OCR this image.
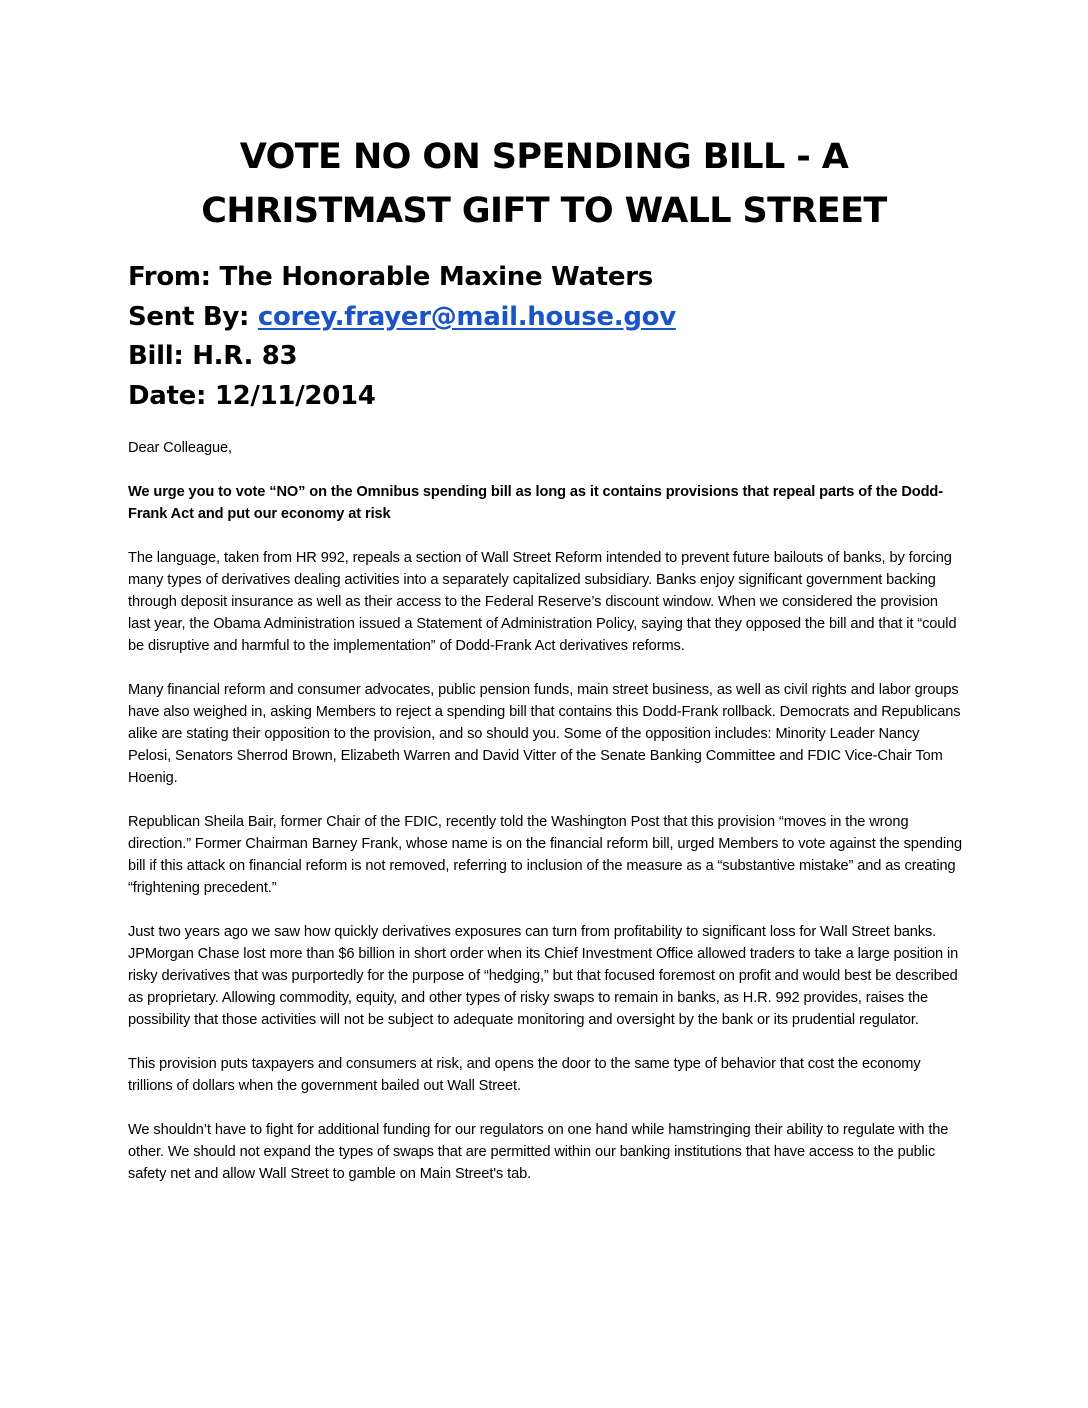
VOTE NO ON SPENDING BILL - A CHRISTMAST GIFT TO WALL STREET
From: The Honorable Maxine Waters
Sent By: corey.frayer@mail.house.gov
Bill: H.R. 83
Date: 12/11/2014

Dear Colleague,

We urge you to vote “NO” on the Omnibus spending bill as long as it contains provisions that repeal parts of the Dodd-Frank Act and put our economy at risk

The language, taken from HR 992, repeals a section of Wall Street Reform intended to prevent future bailouts of banks, by forcing many types of derivatives dealing activities into a separately capitalized subsidiary. Banks enjoy significant government backing through deposit insurance as well as their access to the Federal Reserve’s discount window. When we considered the provision last year, the Obama Administration issued a Statement of Administration Policy, saying that they opposed the bill and that it “could be disruptive and harmful to the implementation” of Dodd-Frank Act derivatives reforms.

Many financial reform and consumer advocates, public pension funds, main street business, as well as civil rights and labor groups have also weighed in, asking Members to reject a spending bill that contains this Dodd-Frank rollback. Democrats and Republicans alike are stating their opposition to the provision, and so should you. Some of the opposition includes: Minority Leader Nancy Pelosi, Senators Sherrod Brown, Elizabeth Warren and David Vitter of the Senate Banking Committee and FDIC Vice-Chair Tom Hoenig.

Republican Sheila Bair, former Chair of the FDIC, recently told the Washington Post that this provision “moves in the wrong direction.” Former Chairman Barney Frank, whose name is on the financial reform bill, urged Members to vote against the spending bill if this attack on financial reform is not removed, referring to inclusion of the measure as a “substantive mistake” and as creating “frightening precedent.”

Just two years ago we saw how quickly derivatives exposures can turn from profitability to significant loss for Wall Street banks. JPMorgan Chase lost more than $6 billion in short order when its Chief Investment Office allowed traders to take a large position in risky derivatives that was purportedly for the purpose of “hedging,” but that focused foremost on profit and would best be described as proprietary. Allowing commodity, equity, and other types of risky swaps to remain in banks, as H.R. 992 provides, raises the possibility that those activities will not be subject to adequate monitoring and oversight by the bank or its prudential regulator.

This provision puts taxpayers and consumers at risk, and opens the door to the same type of behavior that cost the economy trillions of dollars when the government bailed out Wall Street.

We shouldn’t have to fight for additional funding for our regulators on one hand while hamstringing their ability to regulate with the other. We should not expand the types of swaps that are permitted within our banking institutions that have access to the public safety net and allow Wall Street to gamble on Main Street's tab.
